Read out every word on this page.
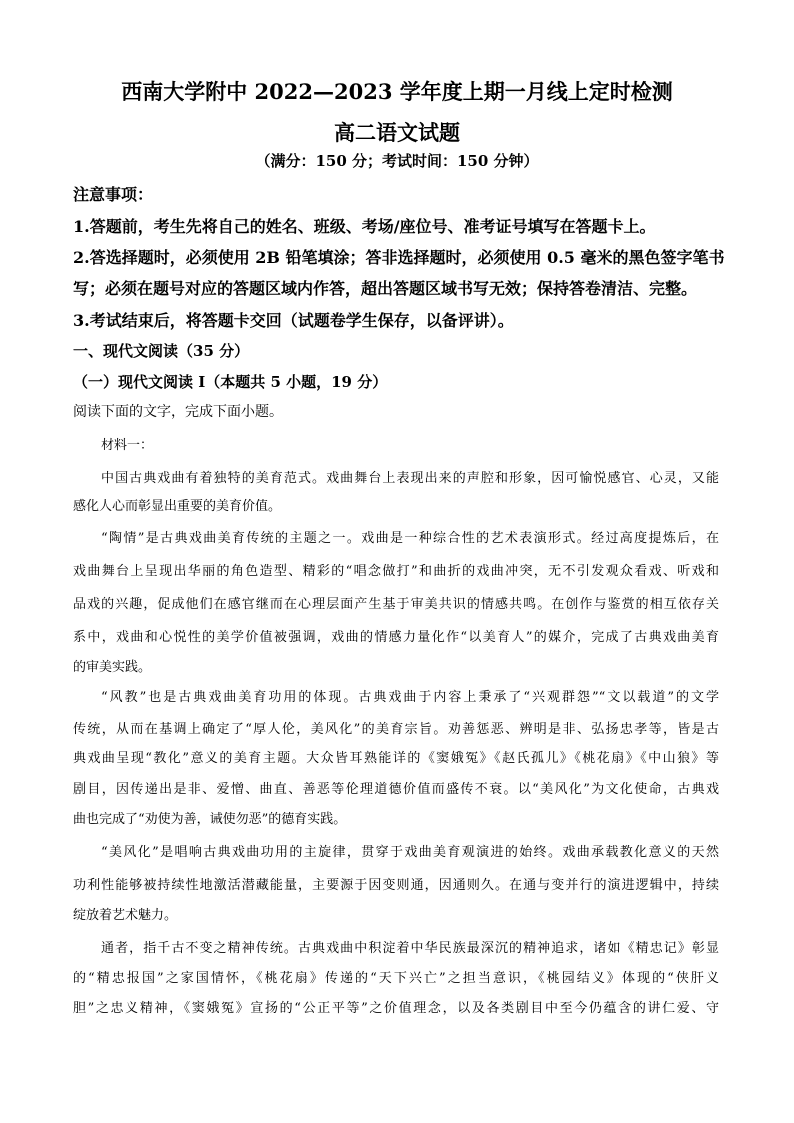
西南大学附中 2022—2023 学年度上期一月线上定时检测
高二语文试题
（满分：150 分；考试时间：150 分钟）
注意事项：
1.答题前，考生先将自己的姓名、班级、考场/座位号、准考证号填写在答题卡上。
2.答选择题时，必须使用 2B 铅笔填涂；答非选择题时，必须使用 0.5 毫米的黑色签字笔书
写；必须在题号对应的答题区域内作答，超出答题区域书写无效；保持答卷清洁、完整。
3.考试结束后，将答题卡交回（试题卷学生保存，以备评讲）。
一、现代文阅读（35 分）
（一）现代文阅读 I（本题共 5 小题，19 分）
阅读下面的文字，完成下面小题。
材料一：
中国古典戏曲有着独特的美育范式。戏曲舞台上表现出来的声腔和形象，因可愉悦感官、心灵，又能
感化人心而彰显出重要的美育价值。
“陶情”是古典戏曲美育传统的主题之一。戏曲是一种综合性的艺术表演形式。经过高度提炼后，在
戏曲舞台上呈现出华丽的角色造型、精彩的“唱念做打”和曲折的戏曲冲突，无不引发观众看戏、听戏和
品戏的兴趣，促成他们在感官继而在心理层面产生基于审美共识的情感共鸣。在创作与鉴赏的相互依存关
系中，戏曲和心悦性的美学价值被强调，戏曲的情感力量化作“以美育人”的媒介，完成了古典戏曲美育
的审美实践。
“风教”也是古典戏曲美育功用的体现。古典戏曲于内容上秉承了“兴观群怨”“文以载道”的文学
传统，从而在基调上确定了“厚人伦，美风化”的美育宗旨。劝善惩恶、辨明是非、弘扬忠孝等，皆是古
典戏曲呈现“教化”意义的美育主题。大众皆耳熟能详的《窦娥冤》《赵氏孤儿》《桃花扇》《中山狼》等
剧目，因传递出是非、爱憎、曲直、善恶等伦理道德价值而盛传不衰。以“美风化”为文化使命，古典戏
曲也完成了“劝使为善，诫使勿恶”的德育实践。
“美风化”是唱响古典戏曲功用的主旋律，贯穿于戏曲美育观演进的始终。戏曲承载教化意义的天然
功利性能够被持续性地激活潜藏能量，主要源于因变则通，因通则久。在通与变并行的演进逻辑中，持续
绽放着艺术魅力。
通者，指千古不变之精神传统。古典戏曲中积淀着中华民族最深沉的精神追求，诸如《精忠记》彰显
的“精忠报国”之家国情怀，《桃花扇》传递的“天下兴亡”之担当意识，《桃园结义》体现的“侠肝义
胆”之忠义精神，《窦娥冤》宣扬的“公正平等”之价值理念，以及各类剧目中至今仍蕴含的讲仁爱、守
